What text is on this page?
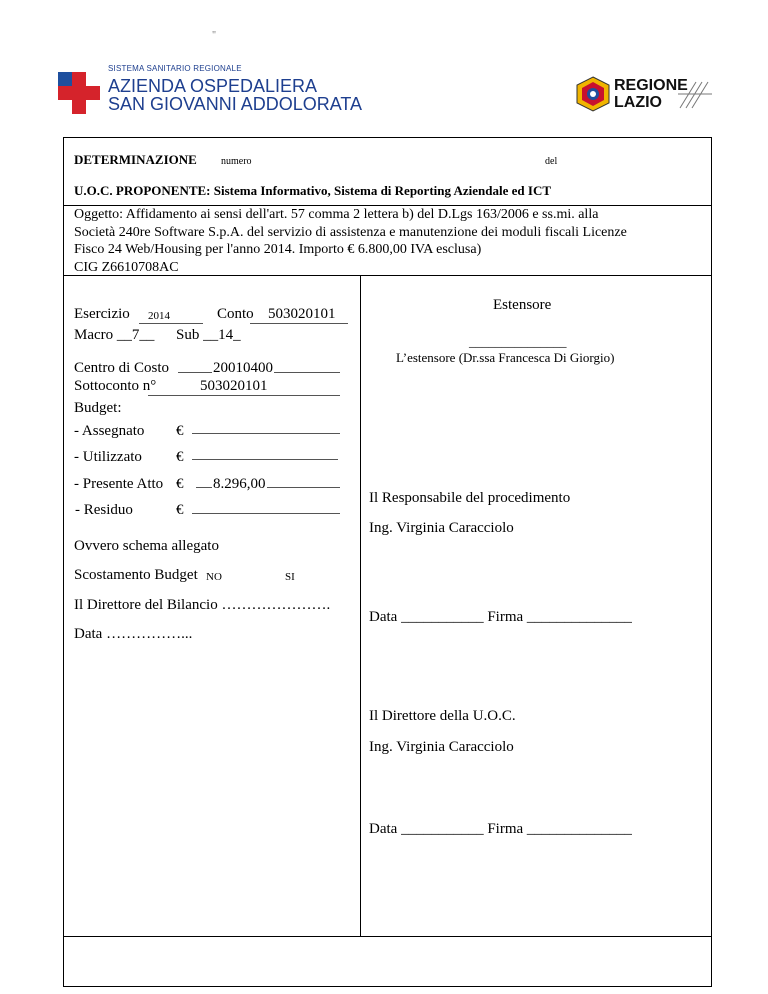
"
SISTEMA SANITARIO REGIONALE
AZIENDA OSPEDALIERA
SAN GIOVANNI ADDOLORATA
REGIONE
LAZIO
DETERMINAZIONE numero	del
U.O.C. PROPONENTE: Sistema Informativo, Sistema di Reporting Aziendale ed ICT
Oggetto: Affidamento ai sensi dell'art. 57 comma 2 lettera b) del D.Lgs 163/2006 e ss.mi. alla
Società 240re Software S.p.A. del servizio di assistenza e manutenzione dei moduli fiscali Licenze
Fisco 24 Web/Housing per l'anno 2014. Importo € 6.800,00 IVA esclusa)
CIG Z6610708AC
Esercizio 2014	Conto 503020101
Macro __7__ Sub __14_
Centro di Costo	20010400
Sottoconto n°	503020101
Budget:
- Assegnato €
- Utilizzato €
- Presente Atto € 8.296,00
- Residuo	€
Ovvero schema allegato
Scostamento Budget NO	SI
Il Direttore del Bilancio ………………….
Data ……………...
Estensore
_______________
L’estensore (Dr.ssa Francesca Di Giorgio)
Il Responsabile del procedimento
Ing. Virginia Caracciolo
Data ___________ Firma ______________
Il Direttore della U.O.C.
Ing. Virginia Caracciolo
Data ___________ Firma ______________
